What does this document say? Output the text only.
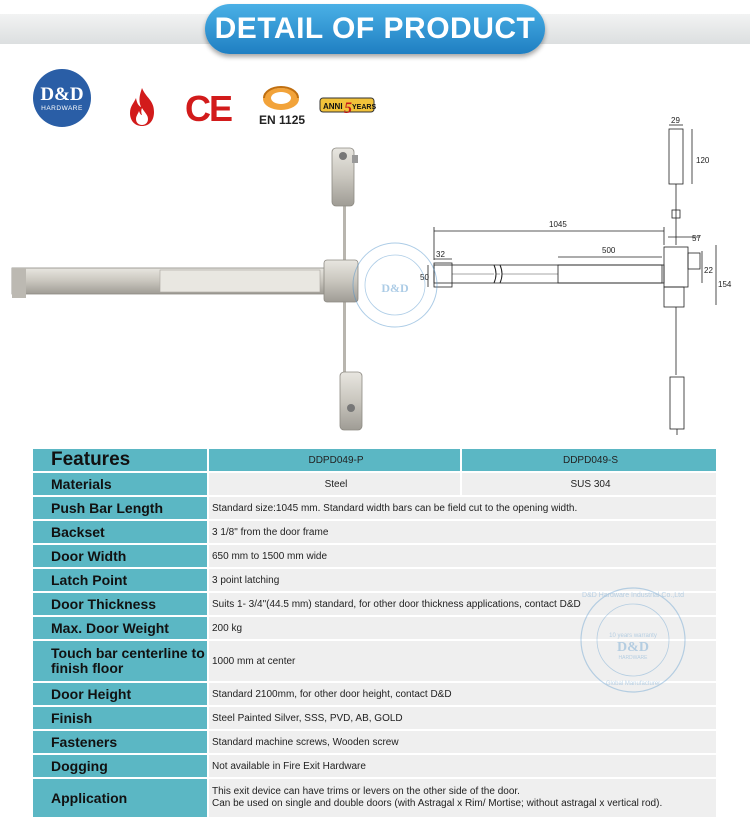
DETAIL OF PRODUCT
D&D
HARDWARE	CE EN 1125
ANNI 5 YEARS
1045
500
32
50
29
120
57
22
154
D&D
Features	DDPD049-P	DDPD049-S
Materials	Steel	SUS 304
Push Bar Length	Standard size:1045 mm. Standard width bars can be field cut to the opening width.	
Backset	3 1/8" from the door frame	
Door Width	650 mm to 1500 mm wide	
Latch Point	3 point latching	
Door Thickness	Suits 1- 3/4"(44.5 mm) standard, for other door thickness applications, contact D&D	
Max. Door Weight	200 kg	
Touch bar centerline to finish floor	1000 mm at center	
Door Height	Standard 2100mm, for other door height, contact D&D	
Finish	Steel Painted Silver, SSS, PVD, AB, GOLD	
Fasteners	Standard machine screws, Wooden screw	
Dogging	Not available in Fire Exit Hardware	
Application	This exit device can have trims or levers on the other side of the door.
Can be used on single and double doors (with Astragal x Rim/ Mortise; without astragal x vertical rod).	
D&D Hardware Industrial Co.,Ltd
10 years warranty
D&D
HARDWARE
Global Manufacturer
